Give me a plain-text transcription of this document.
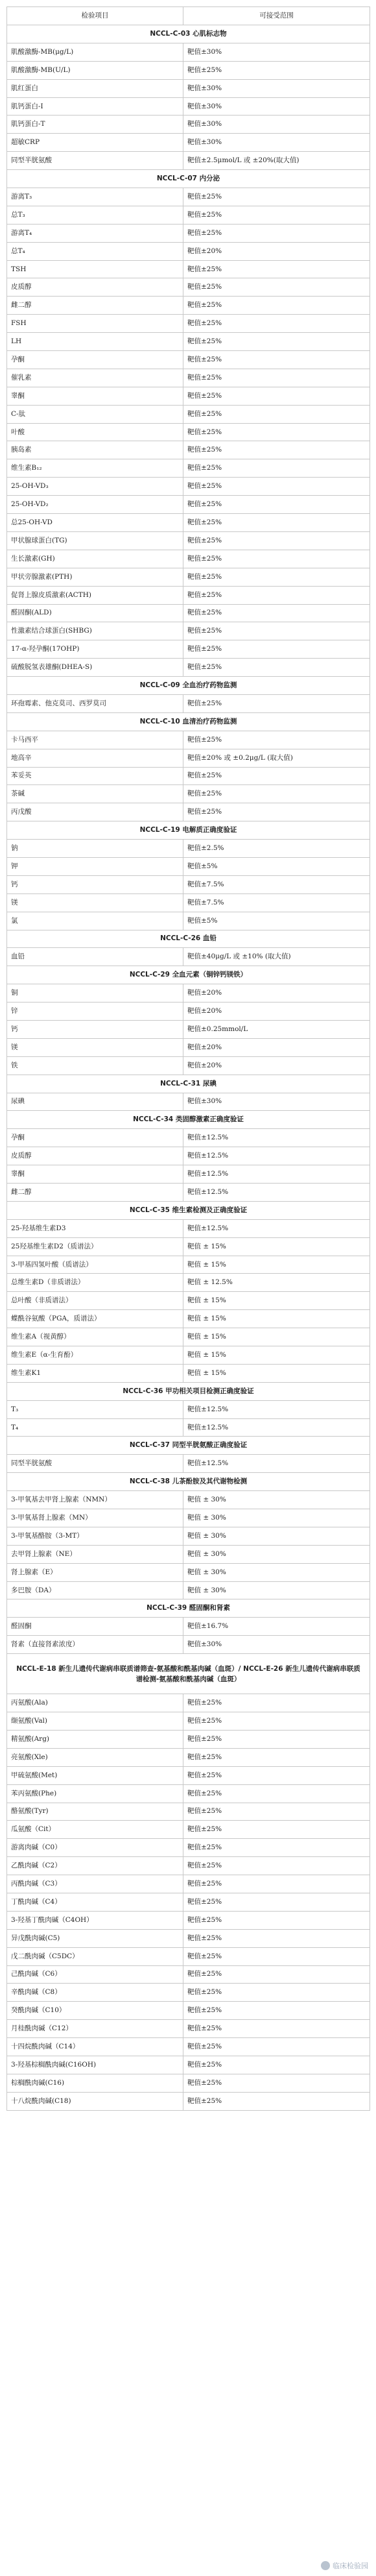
检验项目	可接受范围
NCCL-C-03 心肌标志物	
肌酸激酶-MB(μg/L)	靶值±30%
肌酸激酶-MB(U/L)	靶值±25%
肌红蛋白	靶值±30%
肌钙蛋白-I	靶值±30%
肌钙蛋白-T	靶值±30%
超敏CRP	靶值±30%
同型半胱氨酸	靶值±2.5μmol/L 或 ±20%(取大值)
NCCL-C-07 内分泌	
游离T₃	靶值±25%
总T₃	靶值±25%
游离T₄	靶值±25%
总T₄	靶值±20%
TSH	靶值±25%
皮质醇	靶值±25%
雌二醇	靶值±25%
FSH	靶值±25%
LH	靶值±25%
孕酮	靶值±25%
催乳素	靶值±25%
睾酮	靶值±25%
C-肽	靶值±25%
叶酸	靶值±25%
胰岛素	靶值±25%
维生素B₁₂	靶值±25%
25-OH-VD₃	靶值±25%
25-OH-VD₂	靶值±25%
总25-OH-VD	靶值±25%
甲状腺球蛋白(TG)	靶值±25%
生长激素(GH)	靶值±25%
甲状旁腺激素(PTH)	靶值±25%
促肾上腺皮质激素(ACTH)	靶值±25%
醛固酮(ALD)	靶值±25%
性激素结合球蛋白(SHBG)	靶值±25%
17-α-羟孕酮(17OHP)	靶值±25%
硫酸脱氢表雄酮(DHEA-S)	靶值±25%
NCCL-C-09 全血治疗药物监测	
环孢霉素、他克莫司、西罗莫司	靶值±25%
NCCL-C-10 血清治疗药物监测	
卡马西平	靶值±25%
地高辛	靶值±20% 或 ±0.2μg/L (取大值)
苯妥英	靶值±25%
茶碱	靶值±25%
丙戊酸	靶值±25%
NCCL-C-19 电解质正确度验证	
钠	靶值±2.5%
钾	靶值±5%
钙	靶值±7.5%
镁	靶值±7.5%
氯	靶值±5%
NCCL-C-26 血铅	
血铅	靶值±40μg/L 或 ±10% (取大值)
NCCL-C-29 全血元素（铜锌钙镁铁）	
铜	靶值±20%
锌	靶值±20%
钙	靶值±0.25mmol/L
镁	靶值±20%
铁	靶值±20%
NCCL-C-31 尿碘	
尿碘	靶值±30%
NCCL-C-34 类固醇激素正确度验证	
孕酮	靶值±12.5%
皮质醇	靶值±12.5%
睾酮	靶值±12.5%
雌二醇	靶值±12.5%
NCCL-C-35 维生素检测及正确度验证	
25-羟基维生素D3	靶值±12.5%
25羟基维生素D2（质谱法）	靶值 ± 15%
3-甲基四氢叶酸（质谱法）	靶值 ± 15%
总维生素D（非质谱法）	靶值 ± 12.5%
总叶酸（非质谱法）	靶值 ± 15%
蝶酰谷氨酸（PGA，质谱法）	靶值 ± 15%
维生素A（视黄醇）	靶值 ± 15%
维生素E（α-生育酚）	靶值 ± 15%
维生素K1	靶值 ± 15%
NCCL-C-36 甲功相关项目检测正确度验证	
T₃	靶值±12.5%
T₄	靶值±12.5%
NCCL-C-37 同型半胱氨酸正确度验证	
同型半胱氨酸	靶值±12.5%
NCCL-C-38 儿茶酚胺及其代谢物检测	
3-甲氧基去甲肾上腺素（NMN）	靶值 ± 30%
3-甲氧基肾上腺素（MN）	靶值 ± 30%
3-甲氧基酪胺（3-MT）	靶值 ± 30%
去甲肾上腺素（NE）	靶值 ± 30%
肾上腺素（E）	靶值 ± 30%
多巴胺（DA）	靶值 ± 30%
NCCL-C-39 醛固酮和肾素	
醛固酮	靶值±16.7%
肾素（直接肾素浓度）	靶值±30%
NCCL-E-18 新生儿遗传代谢病串联质谱筛查-氨基酸和酰基肉碱（血斑）/ NCCL-E-26 新生儿遗传代谢病串联质谱检测-氨基酸和酰基肉碱（血斑）	
丙氨酸(Ala)	靶值±25%
缬氨酸(Val)	靶值±25%
精氨酸(Arg)	靶值±25%
亮氨酸(Xle)	靶值±25%
甲硫氨酸(Met)	靶值±25%
苯丙氨酸(Phe)	靶值±25%
酪氨酸(Tyr)	靶值±25%
瓜氨酸（Cit）	靶值±25%
游离肉碱（C0）	靶值±25%
乙酰肉碱（C2）	靶值±25%
丙酰肉碱（C3）	靶值±25%
丁酰肉碱（C4）	靶值±25%
3-羟基丁酰肉碱（C4OH）	靶值±25%
异戊酰肉碱(C5)	靶值±25%
戊二酰肉碱（C5DC）	靶值±25%
己酰肉碱（C6）	靶值±25%
辛酰肉碱（C8）	靶值±25%
癸酰肉碱（C10）	靶值±25%
月桂酰肉碱（C12）	靶值±25%
十四烷酰肉碱（C14）	靶值±25%
3-羟基棕榈酰肉碱(C16OH)	靶值±25%
棕榈酰肉碱(C16)	靶值±25%
十八烷酰肉碱(C18)	靶值±25%
临床检验园
